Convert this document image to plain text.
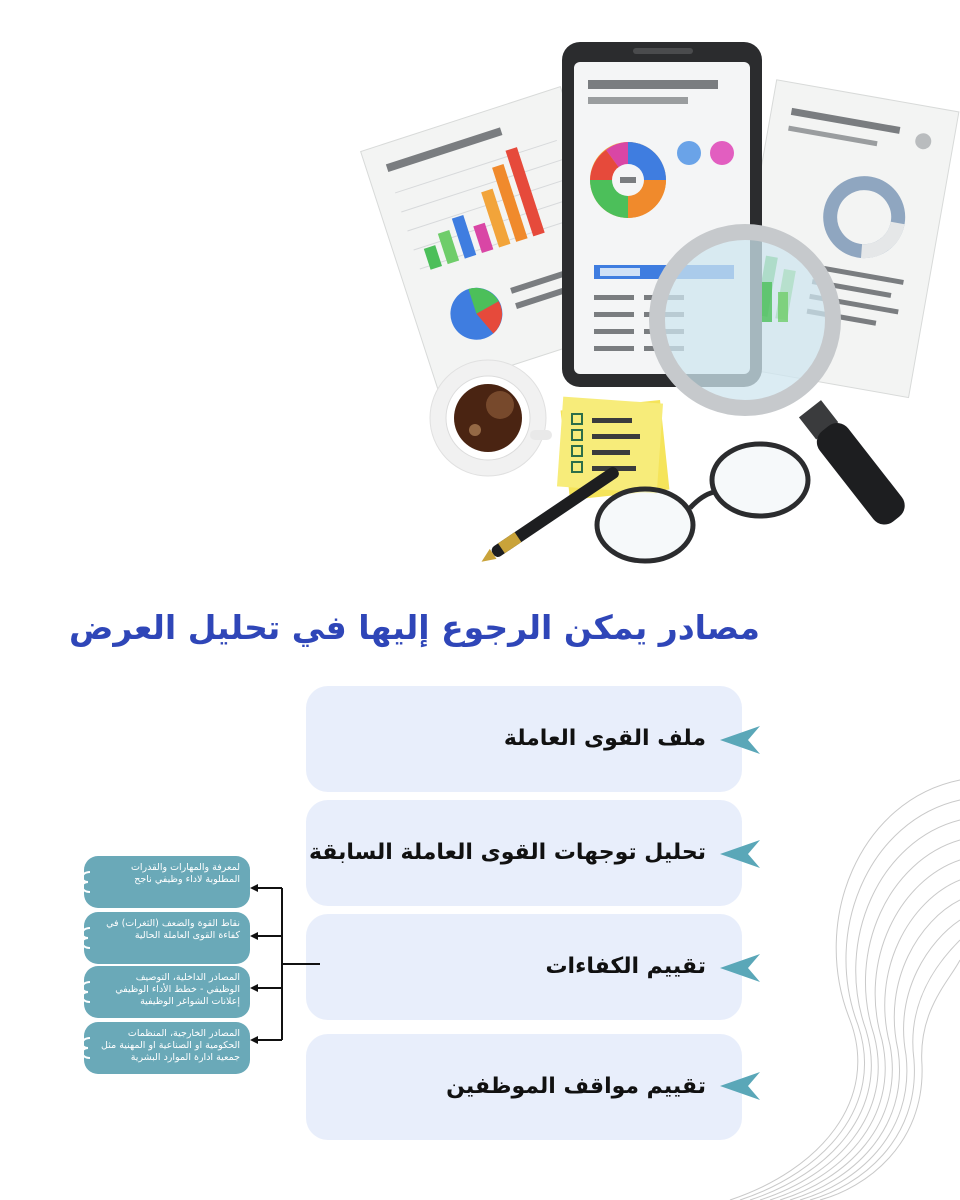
مصادر يمكن الرجوع إليها في تحليل العرض
ملف القوى العاملة
تحليل توجهات القوى العاملة السابقة
تقييم الكفاءات
تقييم مواقف الموظفين
لمعرفة والمهارات والقدرات المطلوبة لاداء وظيفي ناجح
نقاط القوة والضعف (الثغرات) في كفاءة القوى العاملة الحالية
المصادر الداخلية، التوصيف الوظيفي - خطط الأداء الوظيفي إعلانات الشواغر الوظيفية
المصادر الخارجية، المنظمات الحكومية او الصناعية او المهنية مثل جمعية ادارة الموارد البشرية
